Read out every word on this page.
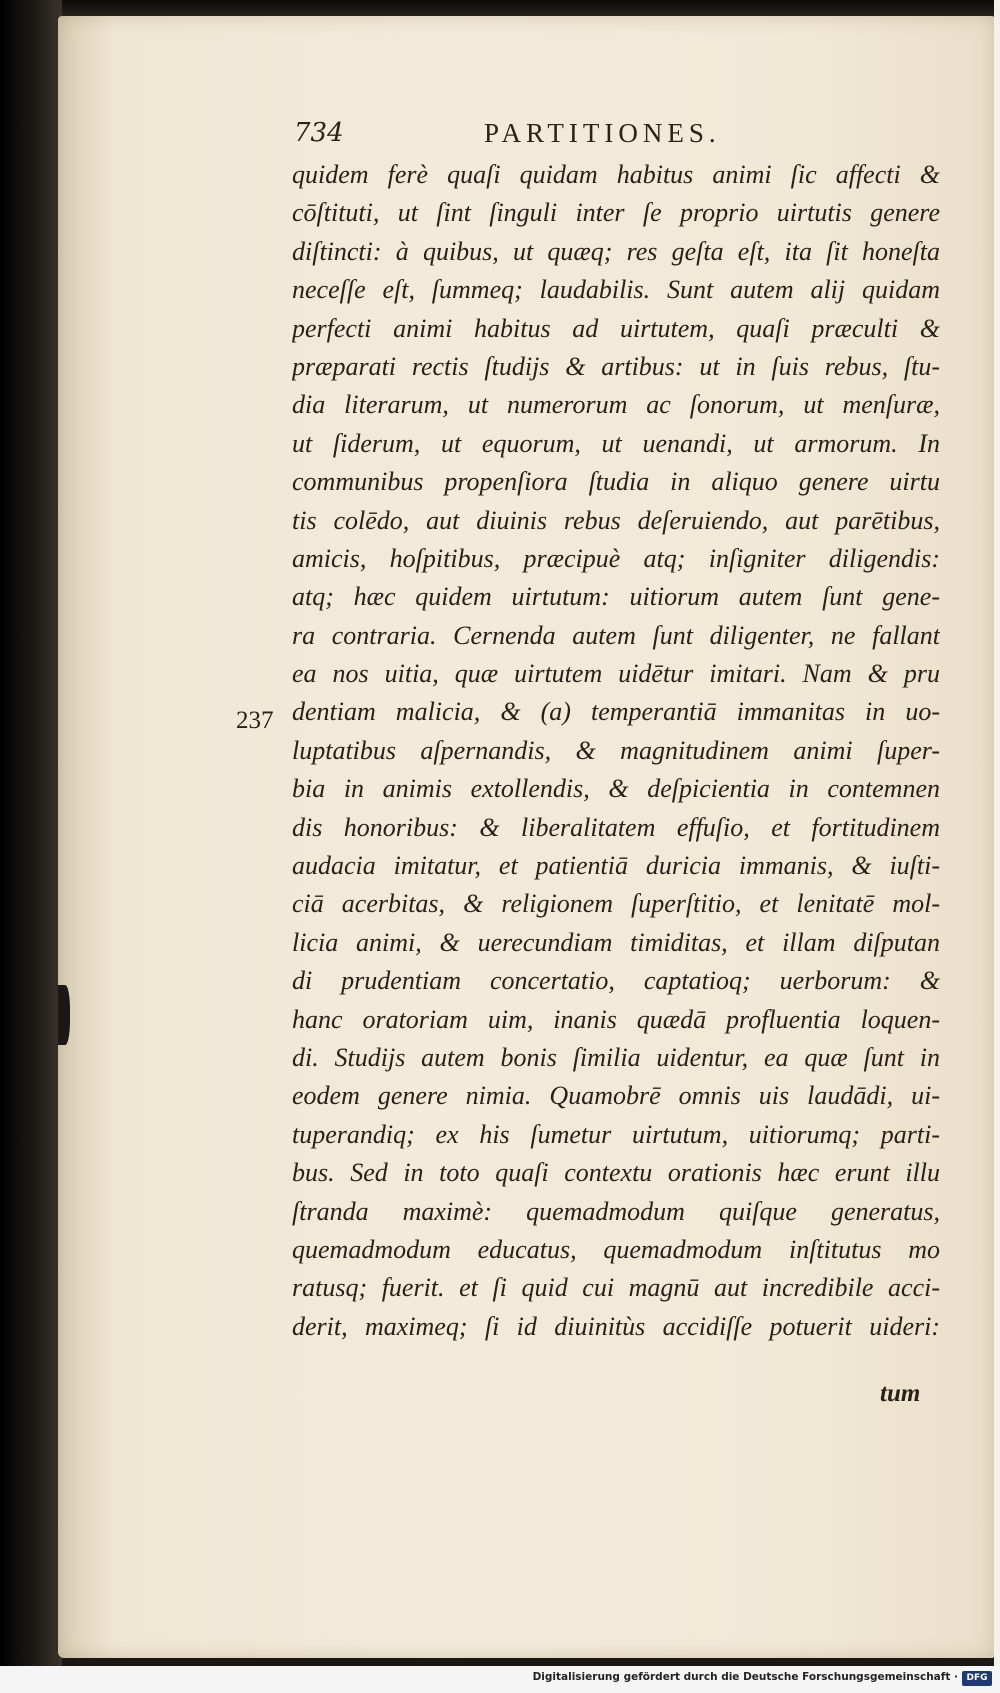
734	PARTITIONES.
237
quidem ferè quaſi quidam habitus animi ſic affecti &
cōſtituti, ut ſint ſinguli inter ſe proprio uirtutis genere
diſtincti: à quibus, ut quæq; res geſta eſt, ita ſit honeſta
neceſſe eſt, ſummeq; laudabilis. Sunt autem alij quidam
perfecti animi habitus ad uirtutem, quaſi præculti &
præparati rectis ſtudijs & artibus: ut in ſuis rebus, ſtu-
dia literarum, ut numerorum ac ſonorum, ut menſuræ,
ut ſiderum, ut equorum, ut uenandi, ut armorum. In
communibus propenſiora ſtudia in aliquo genere uirtu
tis colēdo, aut diuinis rebus deſeruiendo, aut parētibus,
amicis, hoſpitibus, præcipuè atq; inſigniter diligendis:
atq; hæc quidem uirtutum: uitiorum autem ſunt gene-
ra contraria. Cernenda autem ſunt diligenter, ne fallant
ea nos uitia, quæ uirtutem uidētur imitari. Nam & pru
dentiam malicia, & (a) temperantiā immanitas in uo-
luptatibus aſpernandis, & magnitudinem animi ſuper-
bia in animis extollendis, & deſpicientia in contemnen
dis honoribus: & liberalitatem effuſio, et fortitudinem
audacia imitatur, et patientiā duricia immanis, & iuſti-
ciā acerbitas, & religionem ſuperſtitio, et lenitatē mol-
licia animi, & uerecundiam timiditas, et illam diſputan
di prudentiam concertatio, captatioq; uerborum: &
hanc oratoriam uim, inanis quædā profluentia loquen-
di. Studijs autem bonis ſimilia uidentur, ea quæ ſunt in
eodem genere nimia. Quamobrē omnis uis laudādi, ui-
tuperandiq; ex his ſumetur uirtutum, uitiorumq; parti-
bus. Sed in toto quaſi contextu orationis hæc erunt illu
ſtranda maximè: quemadmodum quiſque generatus,
quemadmodum educatus, quemadmodum inſtitutus mo
ratusq; fuerit. et ſi quid cui magnū aut incredibile acci-
derit, maximeq; ſi id diuinitùs accidiſſe potuerit uideri:
tum
Digitalisierung gefördert durch die Deutsche Forschungsgemeinschaft · DFG
